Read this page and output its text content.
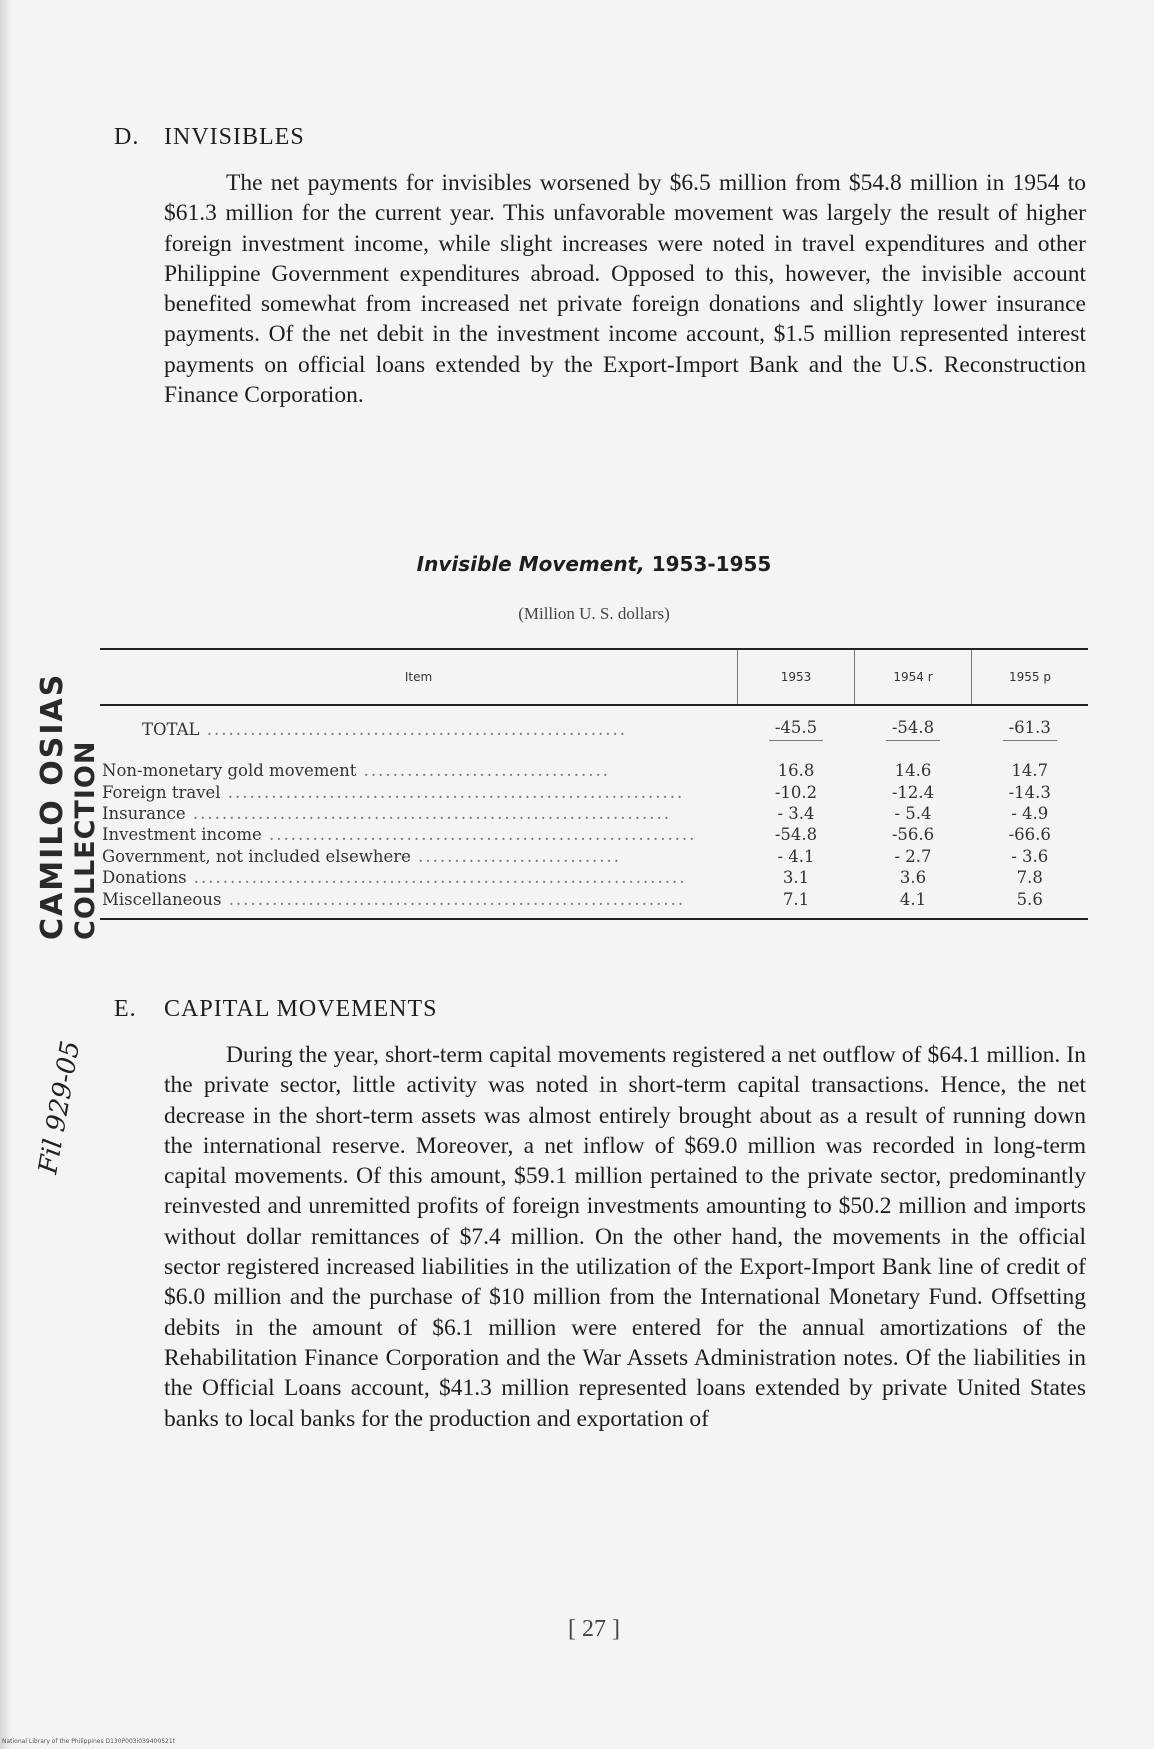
CAMILO OSIAS COLLECTION
Fil 929-05
D. INVISIBLES

The net payments for invisibles worsened by $6.5 million from $54.8 million in 1954 to $61.3 million for the current year. This unfavorable movement was largely the result of higher foreign investment income, while slight increases were noted in travel expenditures and other Philippine Government expenditures abroad. Opposed to this, however, the invisible account benefited somewhat from increased net private foreign donations and slightly lower insurance payments. Of the net debit in the investment income account, $1.5 million represented interest payments on official loans extended by the Export-Import Bank and the U.S. Reconstruction Finance Corporation.

Invisible Movement, 1953-1955
(Million U. S. dollars)
Item	1953	1954 r	1955 p
TOTAL ..........................................................	-45.5	-54.8	-61.3

Non-monetary gold movement ..................................	16.8	14.6	14.7
Foreign travel ...............................................................	-10.2	-12.4	-14.3
Insurance ..................................................................	- 3.4	- 5.4	- 4.9
Investment income ...........................................................	-54.8	-56.6	-66.6
Government, not included elsewhere ............................	- 4.1	- 2.7	- 3.6
Donations ....................................................................	3.1	3.6	7.8
Miscellaneous ...............................................................	7.1	4.1	5.6
E. CAPITAL MOVEMENTS

During the year, short-term capital movements registered a net outflow of $64.1 million. In the private sector, little activity was noted in short-term capital transactions. Hence, the net decrease in the short-term assets was almost entirely brought about as a result of running down the international reserve. Moreover, a net inflow of $69.0 million was recorded in long-term capital movements. Of this amount, $59.1 million pertained to the private sector, predominantly reinvested and unremitted profits of foreign investments amounting to $50.2 million and imports without dollar remittances of $7.4 million. On the other hand, the movements in the official sector registered increased liabilities in the utilization of the Export-Import Bank line of credit of $6.0 million and the purchase of $10 million from the International Monetary Fund. Offsetting debits in the amount of $6.1 million were entered for the annual amortizations of the Rehabilitation Finance Corporation and the War Assets Administration notes. Of the liabilities in the Official Loans account, $41.3 million represented loans extended by private United States banks to local banks for the production and exportation of

[ 27 ]
National Library of the Philippines D130P003i039400521t
